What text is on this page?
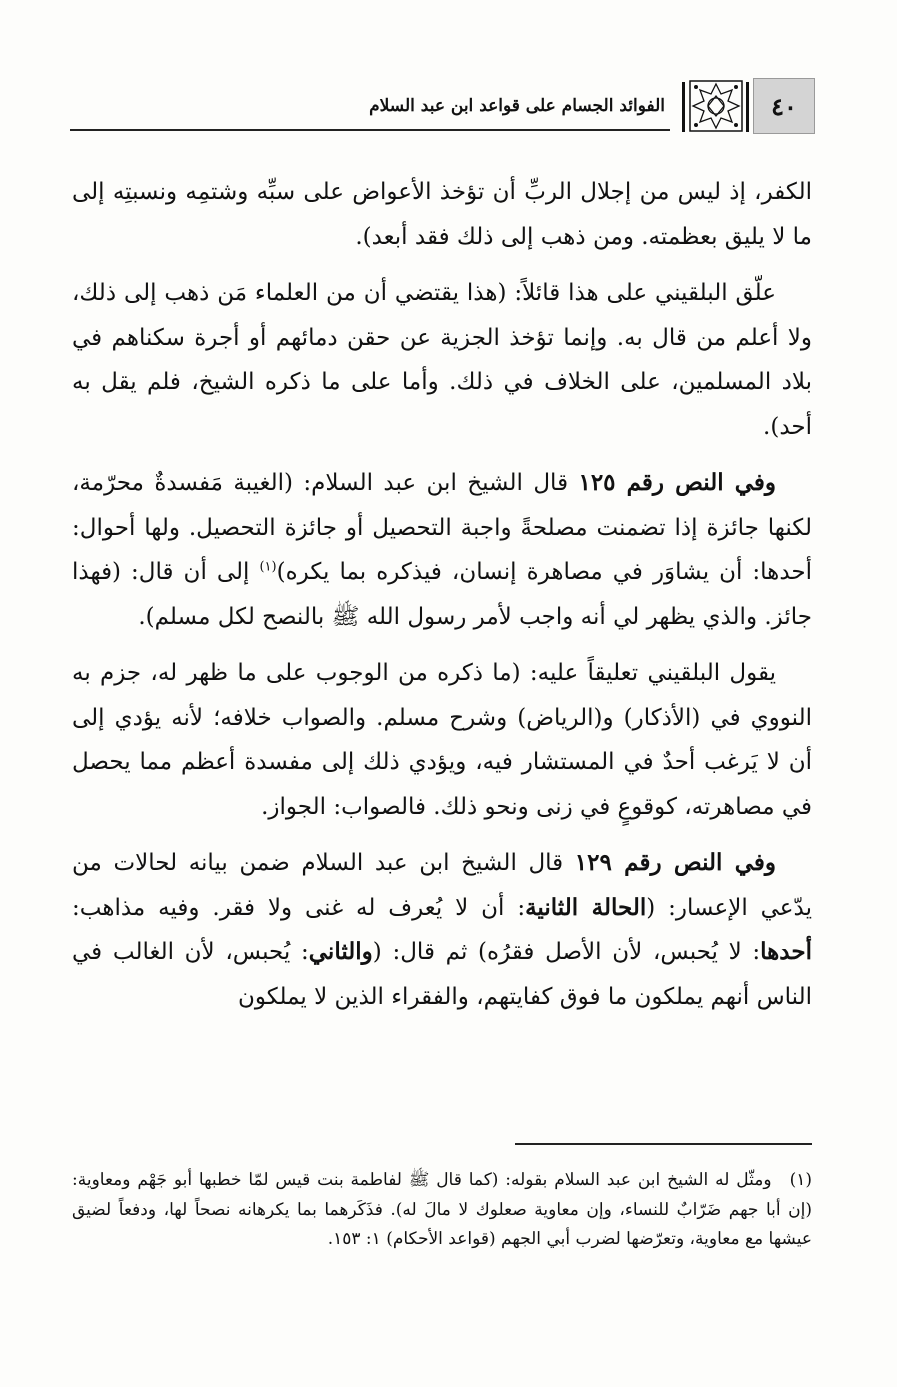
٤٠
الفوائد الجسام على قواعد ابن عبد السلام

الكفر، إذ ليس من إجلال الربِّ أن تؤخذ الأعواض على سبِّه وشتمِه ونسبتِه إلى ما لا يليق بعظمته. ومن ذهب إلى ذلك فقد أبعد).

علّق البلقيني على هذا قائلاً: (هذا يقتضي أن من العلماء مَن ذهب إلى ذلك، ولا أعلم من قال به. وإنما تؤخذ الجزية عن حقن دمائهم أو أجرة سكناهم في بلاد المسلمين، على الخلاف في ذلك. وأما على ما ذكره الشيخ، فلم يقل به أحد).

وفي النص رقم ١٢٥ قال الشيخ ابن عبد السلام: (الغيبة مَفسدةٌ محرّمة، لكنها جائزة إذا تضمنت مصلحةً واجبة التحصيل أو جائزة التحصيل. ولها أحوال: أحدها: أن يشاوَر في مصاهرة إنسان، فيذكره بما يكره)$^{(١)}$ إلى أن قال: (فهذا جائز. والذي يظهر لي أنه واجب لأمر رسول الله ﷺ بالنصح لكل مسلم).

يقول البلقيني تعليقاً عليه: (ما ذكره من الوجوب على ما ظهر له، جزم به النووي في (الأذكار) و(الرياض) وشرح مسلم. والصواب خلافه؛ لأنه يؤدي إلى أن لا يَرغب أحدٌ في المستشار فيه، ويؤدي ذلك إلى مفسدة أعظم مما يحصل في مصاهرته، كوقوعٍ في زنى ونحو ذلك. فالصواب: الجواز.

وفي النص رقم ١٢٩ قال الشيخ ابن عبد السلام ضمن بيانه لحالات من يدّعي الإعسار: (الحالة الثانية: أن لا يُعرف له غنى ولا فقر. وفيه مذاهب: أحدها: لا يُحبس، لأن الأصل فقرُه) ثم قال: (والثاني: يُحبس، لأن الغالب في الناس أنهم يملكون ما فوق كفايتهم، والفقراء الذين لا يملكون

(١)ومثّل له الشيخ ابن عبد السلام بقوله: (كما قال ﷺ لفاطمة بنت قيس لمّا خطبها أبو جَهْم ومعاوية: (إن أبا جهم ضَرّابٌ للنساء، وإن معاوية صعلوك لا مالَ له). فذَكَرهما بما يكرهانه نصحاً لها، ودفعاً لضيق عيشها مع معاوية، وتعرّضها لضرب أبي الجهم (قواعد الأحكام) ١: ١٥٣.
